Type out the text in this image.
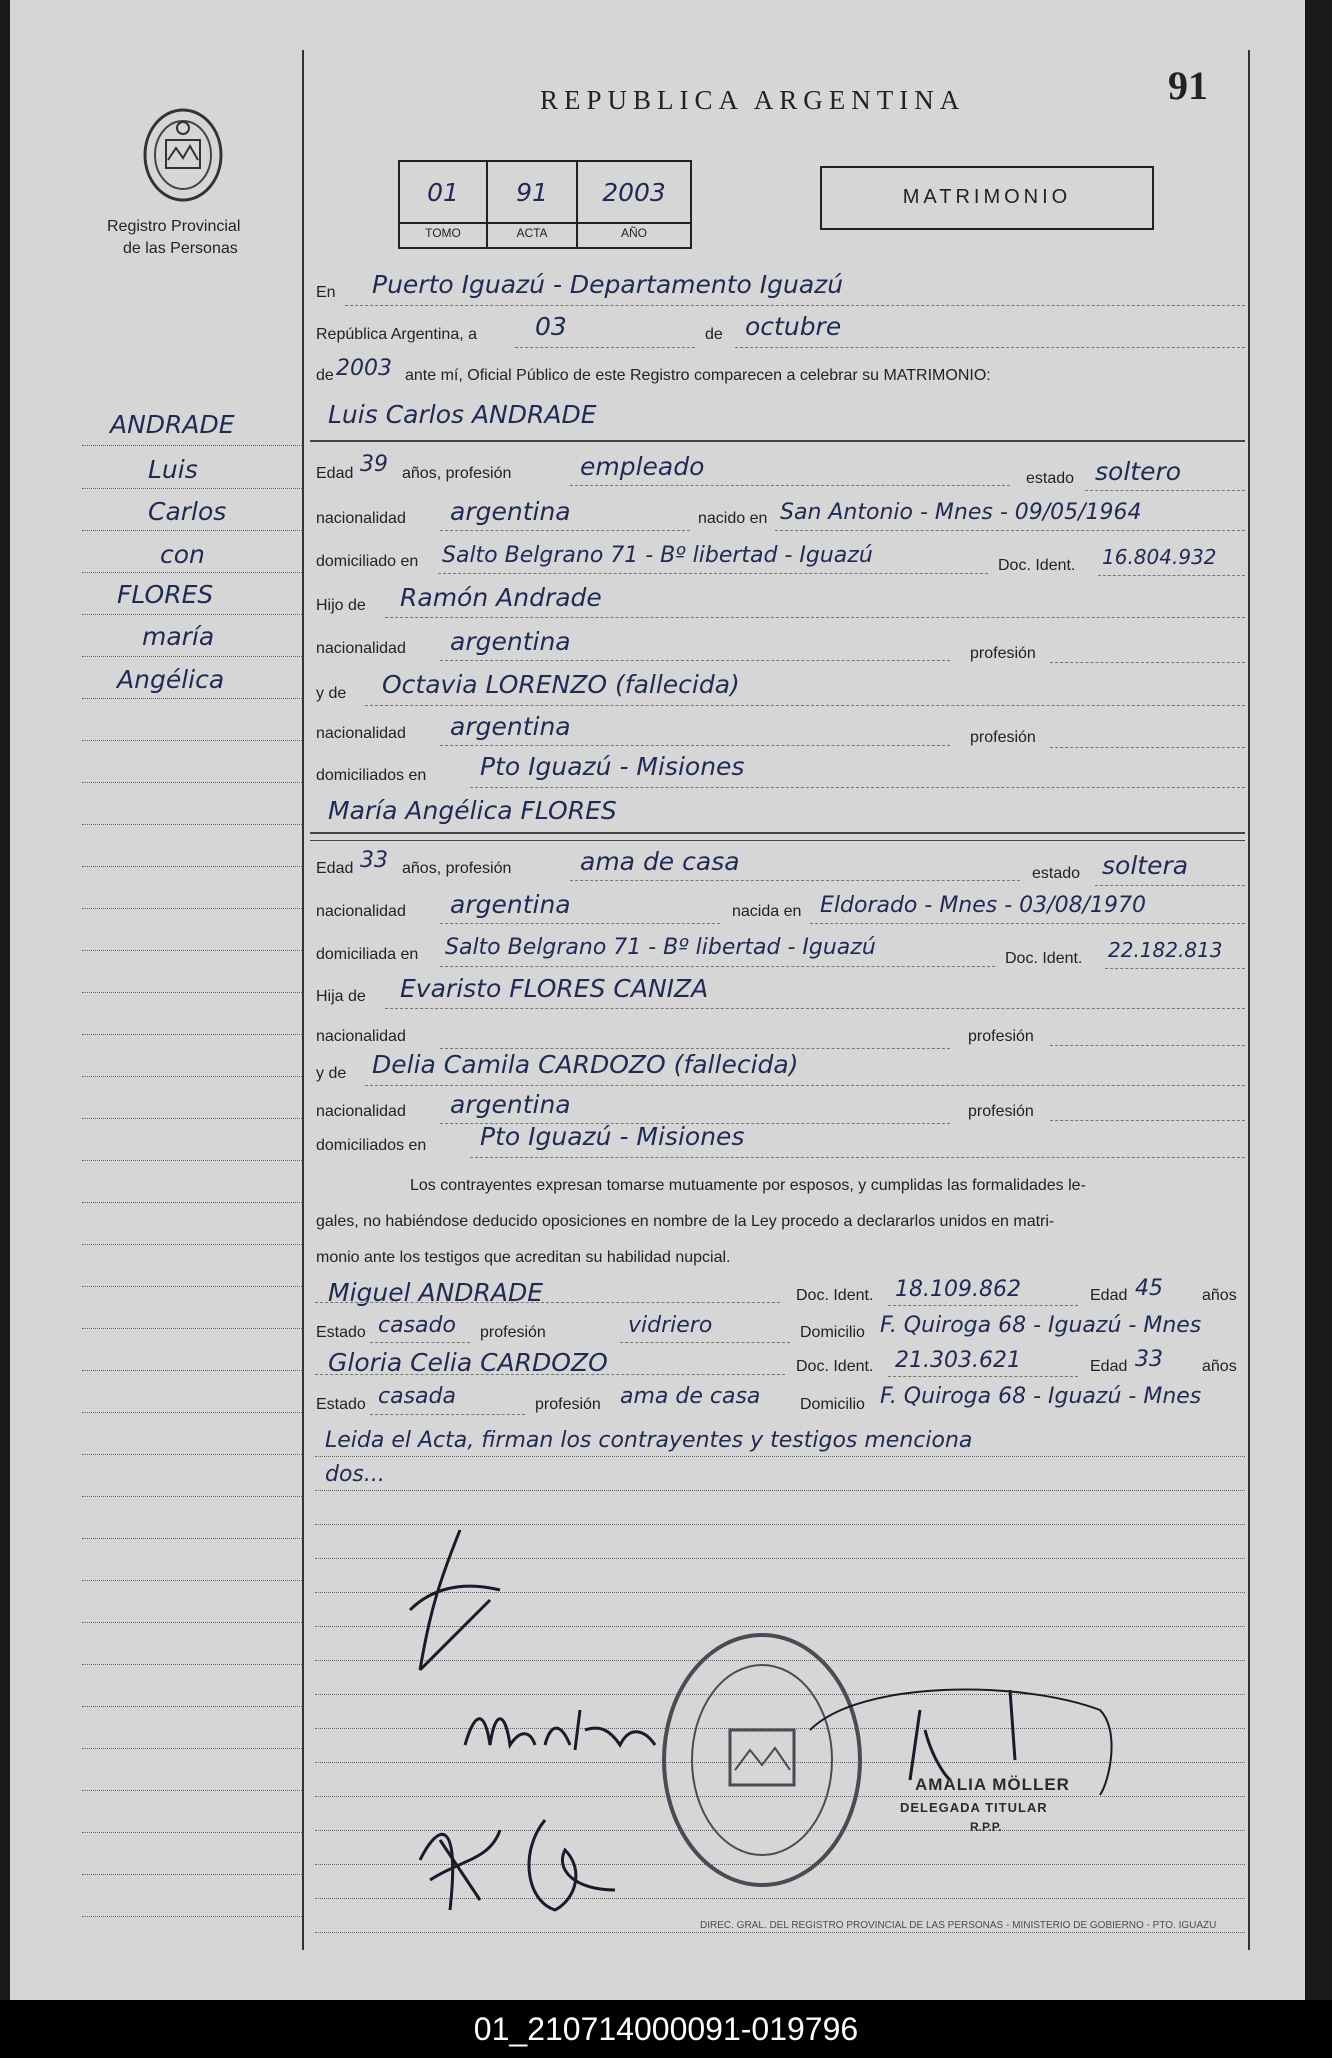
Registro Provincial
de las Personas
REPUBLICA ARGENTINA	91
01	91	2003
TOMO	ACTA	AÑO
MATRIMONIO
ANDRADE
Luis
Carlos
con
FLORES
maría
Angélica
En Puerto Iguazú - Departamento Iguazú
República Argentina, a 03	de octubre
de 2003 ante mí, Oficial Público de este Registro comparecen a celebrar su MATRIMONIO:
Luis Carlos ANDRADE
Edad 39 años, profesión	empleado	estado soltero
nacionalidad argentina	nacido en San Antonio - Mnes - 09/05/1964
domiciliado en Salto Belgrano 71 - Bº libertad - Iguazú	Doc. Ident. 16.804.932
Hijo de Ramón Andrade
nacionalidad argentina	profesión
y de Octavia LORENZO (fallecida)
nacionalidad argentina	profesión
domiciliados en Pto Iguazú - Misiones
María Angélica FLORES
Edad 33 años, profesión	ama de casa	estado soltera
nacionalidad argentina	nacida en Eldorado - Mnes - 03/08/1970
domiciliada en Salto Belgrano 71 - Bº libertad - Iguazú	Doc. Ident. 22.182.813
Hija de Evaristo FLORES CANIZA
nacionalidad	profesión
y de Delia Camila CARDOZO (fallecida)
nacionalidad argentina	profesión
domiciliados en Pto Iguazú - Misiones
Los contrayentes expresan tomarse mutuamente por esposos, y cumplidas las formalidades le-
gales, no habiéndose deducido oposiciones en nombre de la Ley procedo a declararlos unidos en matri-
monio ante los testigos que acreditan su habilidad nupcial.
Miguel ANDRADE	Doc. Ident. 18.109.862	Edad 45 años
Estado casado profesión	vidriero	Domicilio F. Quiroga 68 - Iguazú - Mnes
Gloria Celia CARDOZO	Doc. Ident. 21.303.621	Edad 33 años
Estado casada	profesión ama de casa Domicilio F. Quiroga 68 - Iguazú - Mnes
Leida el Acta, firman los contrayentes y testigos menciona
dos...
DIREC. GRAL. DEL REGISTRO PROVINCIAL DE LAS PERSONAS - MINISTERIO DE GOBIERNO - PTO. IGUAZU
AMALIA MÖLLER
DELEGADA TITULAR
R.P.P.
01_210714000091-019796
